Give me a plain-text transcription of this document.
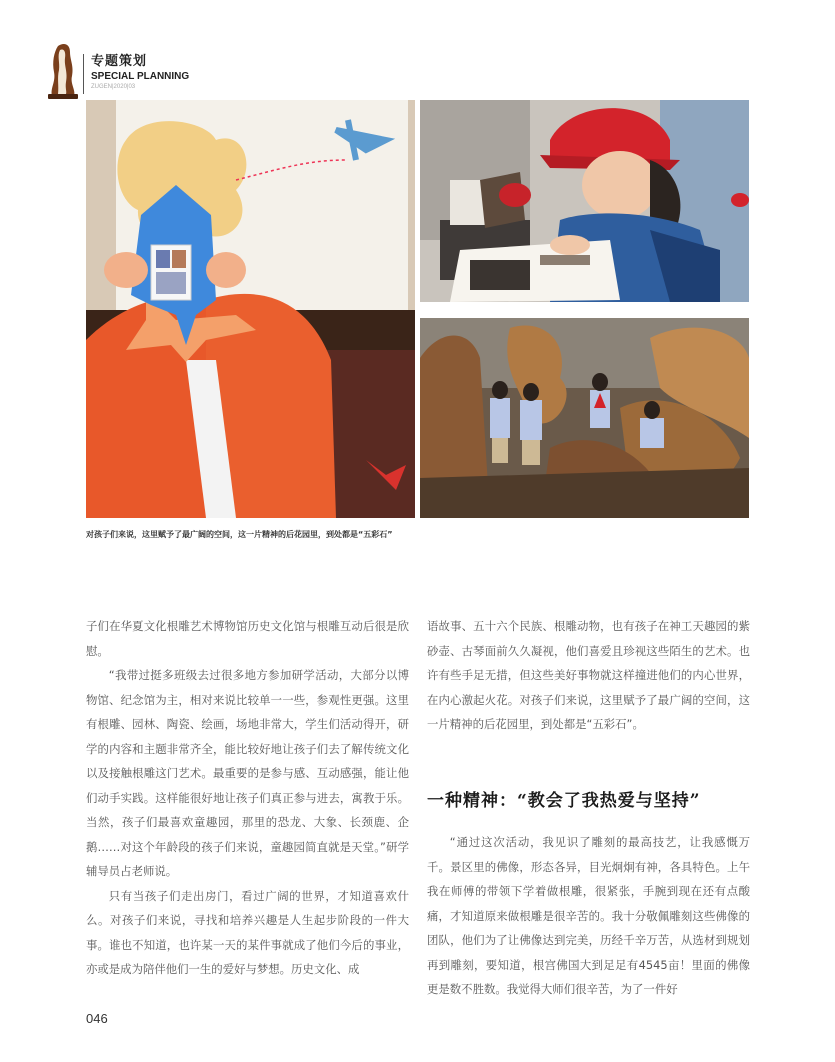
专题策划
SPECIAL PLANNING
ZUGEN|2020|03
对孩子们来说，这里赋予了最广阔的空间，这一片精神的后花园里，到处都是“五彩石”

子们在华夏文化根雕艺术博物馆历史文化馆与根雕互动后很是欣慰。

“我带过挺多班级去过很多地方参加研学活动，大部分以博物馆、纪念馆为主，相对来说比较单一一些，参观性更强。这里有根雕、园林、陶瓷、绘画，场地非常大，学生们活动得开，研学的内容和主题非常齐全，能比较好地让孩子们去了解传统文化以及接触根雕这门艺术。最重要的是参与感、互动感强，能让他们动手实践。这样能很好地让孩子们真正参与进去，寓教于乐。当然，孩子们最喜欢童趣园，那里的恐龙、大象、长颈鹿、企鹅……对这个年龄段的孩子们来说，童趣园简直就是天堂。”研学辅导员占老师说。

只有当孩子们走出房门，看过广阔的世界，才知道喜欢什么。对孩子们来说，寻找和培养兴趣是人生起步阶段的一件大事。谁也不知道，也许某一天的某件事就成了他们今后的事业，亦或是成为陪伴他们一生的爱好与梦想。历史文化、成

语故事、五十六个民族、根雕动物，也有孩子在神工天趣园的紫砂壶、古琴面前久久凝视，他们喜爱且珍视这些陌生的艺术。也许有些手足无措，但这些美好事物就这样撞进他们的内心世界，在内心激起火花。对孩子们来说，这里赋予了最广阔的空间，这一片精神的后花园里，到处都是“五彩石”。

一种精神：“教会了我热爱与坚持”

“通过这次活动，我见识了雕刻的最高技艺，让我感慨万千。景区里的佛像，形态各异，目光炯炯有神，各具特色。上午我在师傅的带领下学着做根雕，很紧张，手腕到现在还有点酸痛，才知道原来做根雕是很辛苦的。我十分敬佩雕刻这些佛像的团队，他们为了让佛像达到完美，历经千辛万苦，从选材到规划再到雕刻，要知道，根宫佛国大到足足有4545亩！里面的佛像更是数不胜数。我觉得大师们很辛苦，为了一件好

046
